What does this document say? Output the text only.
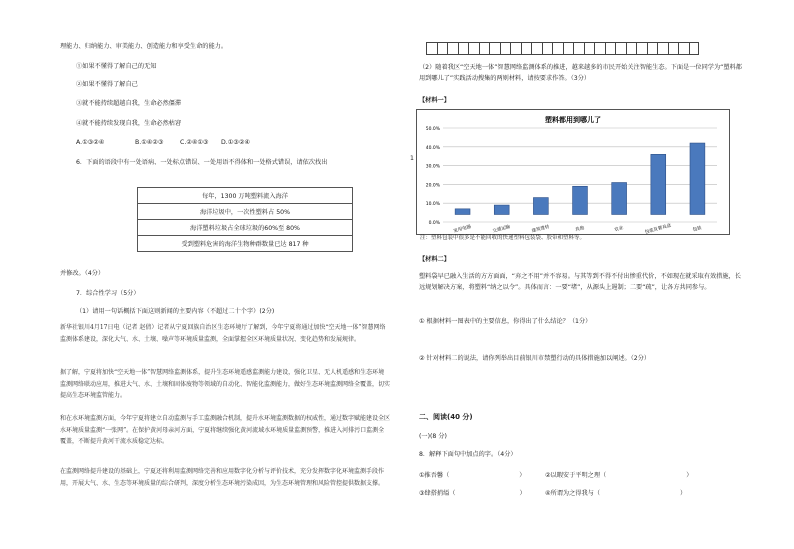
理能力、归纳能力、审美能力、创造能力和享受生命的能力。
①如果不懂得了解自己的无知
②如果不懂得了解自己
③就不能持续超越自我，生命必然僵滞
④就不能持续发现自我，生命必然枯窘
A.①③②④	B.①④②③	C.②④①③ D.①③②④
6．下面的语段中有一处语病、一处标点错误、一处用语不得体和一处格式错误，请依次找出
每年，1300 万吨塑料流入海洋
海洋垃圾中，一次性塑料占 50%
海洋塑料垃圾占全球垃圾的60%至 80%
受到塑料危害的海洋生物种群数量已达 817 种
并修改。（4分）
7．综合性学习（5分）
（1）请用一句话概括下面这则新闻的主要内容（不超过二十个字）(2分)
新华社银川4月17日电（记者 赵倩）记者从宁夏回族自治区生态环境厅了解到，今年宁夏将通过加快“空天地一体”智慧网络监测体系建设，深化大气、水、土壤、噪声等环境质量监测，全面掌握全区环境质量状况、变化趋势和发展规律。
据了解，宁夏将加快“空天地一体”智慧网络监测体系，提升生态环境遥感监测能力建设，强化卫星、无人机遥感和生态环境监测网络联动应用，推进大气、水、土壤和固体废物等领域的自动化、智能化监测能力，做好生态环境监测网络全覆盖，切实提高生态环境监管能力。
和在水环境监测方面，今年宁夏将建立自动监测与手工监测融合机制，提升水环境监测数据的权威性，通过数字赋能建设全区水环境质量监测“一张网”。在保护黄河母亲河方面，宁夏将继续强化黄河流域水环境质量监测预警，推进入河排污口监测全覆盖，不断提升黄河干流水质稳定达标。
在监测网络提升建设的基础上，宁夏还将利用监测网络完善和应用数字化分析与评价技术，充分发挥数字化环境监测手段作用，开展大气、水、生态等环境质量的综合研判，深度分析生态环境污染成因，为生态环境管理和风险管控提供数据支撑。
（2）随着我区“空天地一体”智慧网络监测体系的推进，越来越多的市民开始关注智能生态。下面是一位同学为“塑料都用到哪儿了”实践活动搜集的两则材料，请按要求作答。（3分）
【材料一】
1
塑料都用到哪儿了
0.0%
10.0%
20.0%
30.0%
40.0%
50.0%
家用电器	交通运输	建筑建材	其他	农业	包装及餐具盒	包装
注：塑料包装中很多是不能回收的快递塑料包装袋、胶带和塑料等。
【材料二】
塑料袋早已融入生活的方方面面，“弃之不用”并不容易。与其等到不得不付出惨重代价，不如现在就采取有效措施，长远规划解决方案，将塑料“纳之以令”。具体而言：一要“堵”，从源头上遏制；二要“疏”，让各方共同参与。
① 根据材料一图表中的主要信息，你得出了什么结论？（1分）
② 针对材料二的说法，请你列举出目前银川市禁塑行动的具体措施加以阐述。（2分）
二、阅读(40 分)
(一)(8 分)
8．解释下面句中加点的字。（4分）
①推吾馨（	）	②以暇安于平明之理（	）
③肆搭捎缢（	）	④所谓为之得我与（	）
